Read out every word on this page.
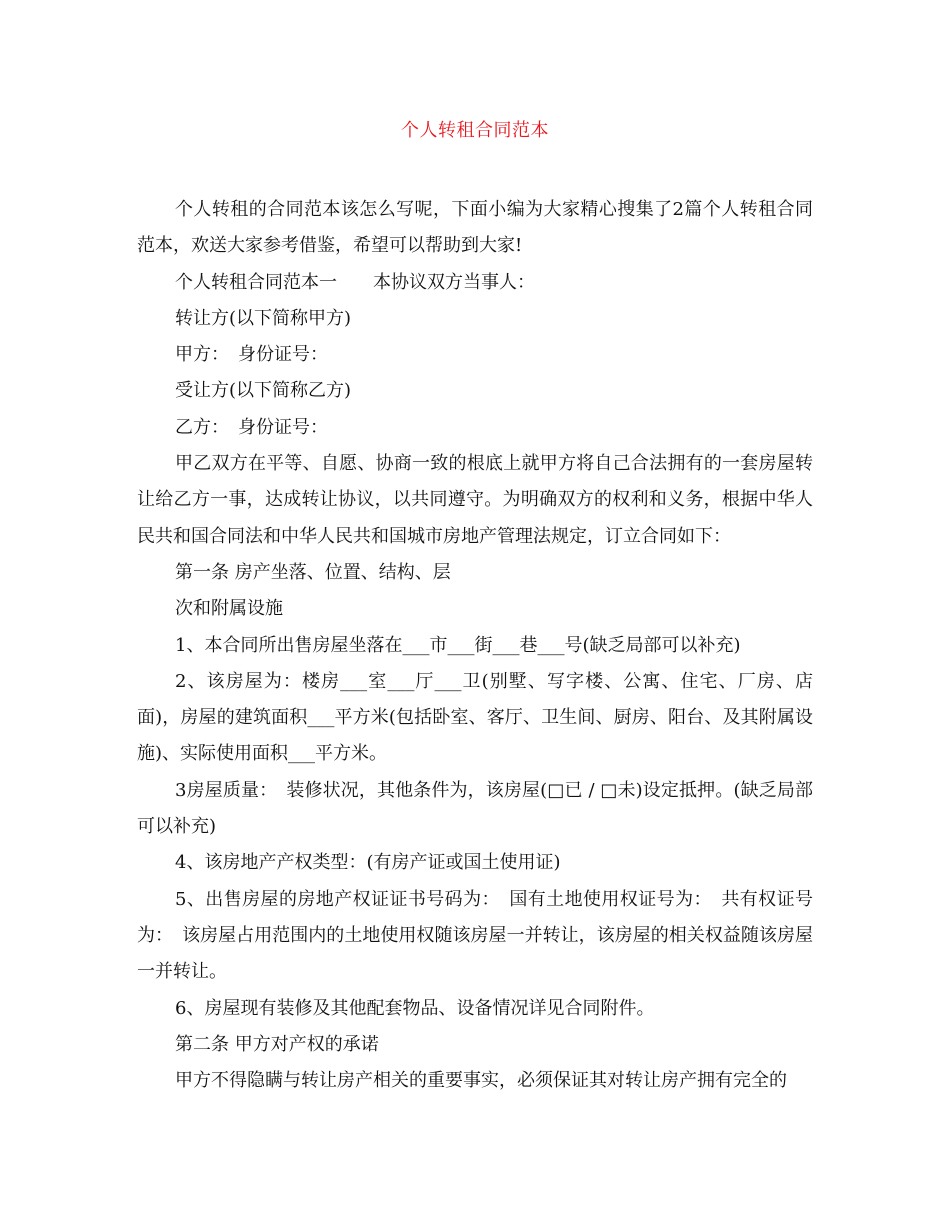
个人转租合同范本

个人转租的合同范本该怎么写呢，下面小编为大家精心搜集了2篇个人转租合同范本，欢送大家参考借鉴，希望可以帮助到大家!

个人转租合同范本一　　本协议双方当事人：

转让方(以下简称甲方)

甲方：　身份证号：

受让方(以下简称乙方)

乙方：　身份证号：

甲乙双方在平等、自愿、协商一致的根底上就甲方将自己合法拥有的一套房屋转让给乙方一事，达成转让协议，以共同遵守。为明确双方的权利和义务，根据中华人民共和国合同法和中华人民共和国城市房地产管理法规定，订立合同如下：

第一条 房产坐落、位置、结构、层

次和附属设施

1、本合同所出售房屋坐落在___市___街___巷___号(缺乏局部可以补充)

2、该房屋为：楼房___室___厅___卫(别墅、写字楼、公寓、住宅、厂房、店面)，房屋的建筑面积___平方米(包括卧室、客厅、卫生间、厨房、阳台、及其附属设施)、实际使用面积___平方米。

3房屋质量：　装修状况，其他条件为，该房屋(□已 / □未)设定抵押。(缺乏局部可以补充)

4、该房地产产权类型：(有房产证或国土使用证)

5、出售房屋的房地产权证证书号码为：　国有土地使用权证号为：　共有权证号为：　该房屋占用范围内的土地使用权随该房屋一并转让，该房屋的相关权益随该房屋一并转让。

6、房屋现有装修及其他配套物品、设备情况详见合同附件。

第二条 甲方对产权的承诺

甲方不得隐瞒与转让房产相关的重要事实，必须保证其对转让房产拥有完全的
